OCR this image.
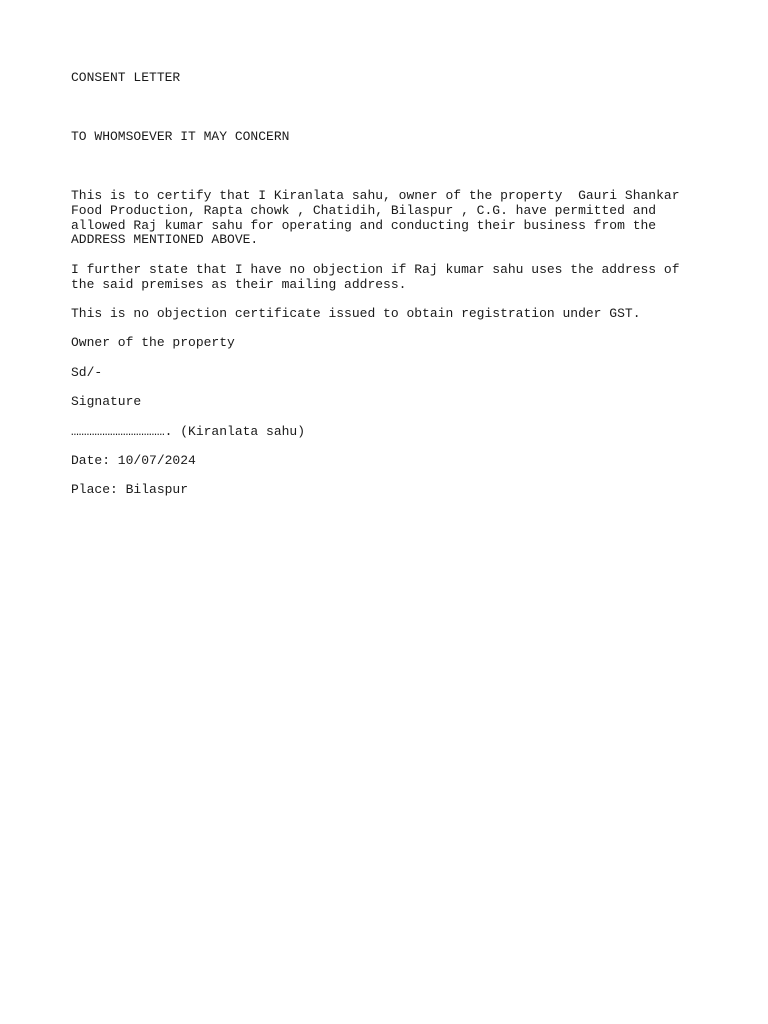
CONSENT LETTER

TO WHOMSOEVER IT MAY CONCERN

This is to certify that I Kiranlata sahu, owner of the property  Gauri Shankar Food Production, Rapta chowk , Chatidih, Bilaspur , C.G. have permitted and allowed Raj kumar sahu for operating and conducting their business from the ADDRESS MENTIONED ABOVE.

I further state that I have no objection if Raj kumar sahu uses the address of the said premises as their mailing address.

This is no objection certificate issued to obtain registration under GST.

Owner of the property

Sd/-

Signature

………………………………. (Kiranlata sahu)

Date: 10/07/2024

Place: Bilaspur
